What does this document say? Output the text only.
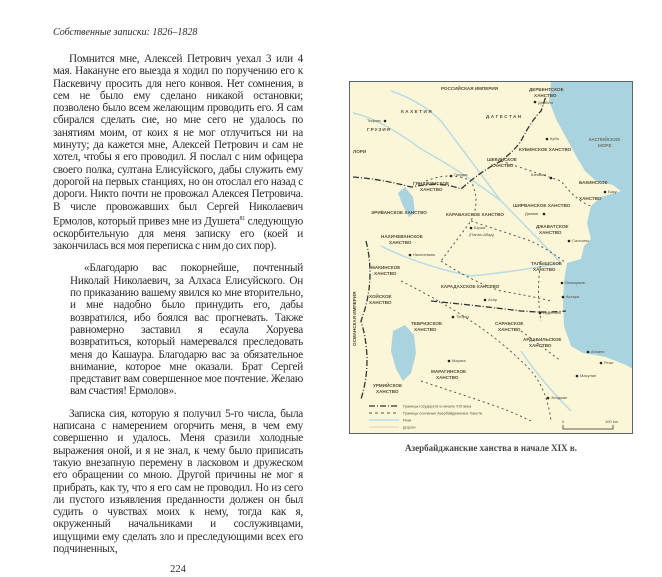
Собственные записки: 1826–1828

Помнится мне, Алексей Петрович уехал 3 или 4 мая. Накануне его выезда я ходил по поручению его к Паскевичу просить для него конвоя. Нет сомнения, в сем не было ему сделано никакой остановки; позволено было всем желающим проводить его. Я сам сбирался сделать сие, но мне сего не удалось по занятиям моим, от коих я не мог отлучиться ни на минуту; да кажется мне, Алексей Петрович и сам не хотел, чтобы я его проводил. Я послал с ним офицера своего полка, султана Елисуйского, дабы служить ему дорогой на первых станциях, но он отослал его назад с дороги. Никто почти не провожал Алексея Петровича. В числе провожавших был Сергей Николаевич Ермолов, который привез мне из Душета$^{81}$ следующую оскорбительную для меня записку его (коей и закончилась вся моя переписка с ним до сих пор).

«Благодарю вас покорнейше, почтенный Николай Николаевич, за Алхаса Елисуйского. Он по приказанию вашему явился ко мне вторительно, и мне надобно было принудить его, дабы возвратился, ибо боялся вас прогневать. Также равномерно заставил я есаула Хоруева возвратиться, который намеревался преследовать меня до Кашаура. Благодарю вас за обязательное внимание, которое мне оказали. Брат Сергей представит вам совершенное мое почтение. Желаю вам счастия! Ермолов».

Записка сия, которую я получил 5-го числа, была написана с намерением огорчить меня, в чем ему совершенно и удалось. Меня сразили холодные выражения оной, и я не знал, к чему было приписать такую внезапную перемену в ласковом и дружеском его обращении со мною. Другой причины не мог я прибрать, как ту, что я его сам не проводил. Но из сего ли пустого изъявления преданности должен он был судить о чувствах моих к нему, тогда как я, окруженный начальниками и сослуживцами, ищущими ему сделать зло и преследующими всех его подчиненных,

224
РОССИЙСКАЯ ИМПЕРИЯ
КАХЕТИЯ
ДАГЕСТАН
ГРУЗИЯ
ЛОРИ
ДЕРБЕНТСКОЕ
ХАНСТВО
КАСПИЙСКОЕ
МОРЕ
КУБИНСКОЕ ХАНСТВО
ШЕКИНСКОЕ
ХАНСТВО
ГЯНДЖИНСКОЕ
ХАНСТВО
БАКИНСКОЕ
ХАНСТВО
ШИРВАНСКОЕ ХАНСТВО
ЭРИВАНСКОЕ ХАНСТВО	КАРАБАХСКОЕ ХАНСТВО
НАХИЧЕВАНСКОЕ
ХАНСТВО
МАКИНСКОЕ
ХАНСТВО
ОСМАНСКАЯ ИМПЕРИЯ
КАРАДАХСКОЕ ХАНСТВО
ХОЙСКОЕ
ХАНСТВО
ТЕБРИЗСКОЕ
ХАНСТВО
ДЖАВАТСКОЕ
ХАНСТВО
ТАЛЫШСКОЕ
ХАНСТВО
САРАБСКОЕ
ХАНСТВО
АРДАБИЛЬСКОЕ
ХАНСТВО
УРМИЙСКОЕ
ХАНСТВО
МАРАГИНСКОЕ
ХАНСТВО
Тифлис
Дербент
Куба
Гянджа	Шемаха
Баку
Шуша
(Панах-Абад)
Нахичевань
Ахар
Тебриз
Джават
Сальяны
Ленкорань
Астара
Ардебиль
Марага
Зенджан
Анзали
Решт
Масулан
Границы государств в начале XIX века
Границы основных Азербайджанских Ханств
Реки
Дороги
0	100 km
Азербайджанские ханства в начале XIX в.
